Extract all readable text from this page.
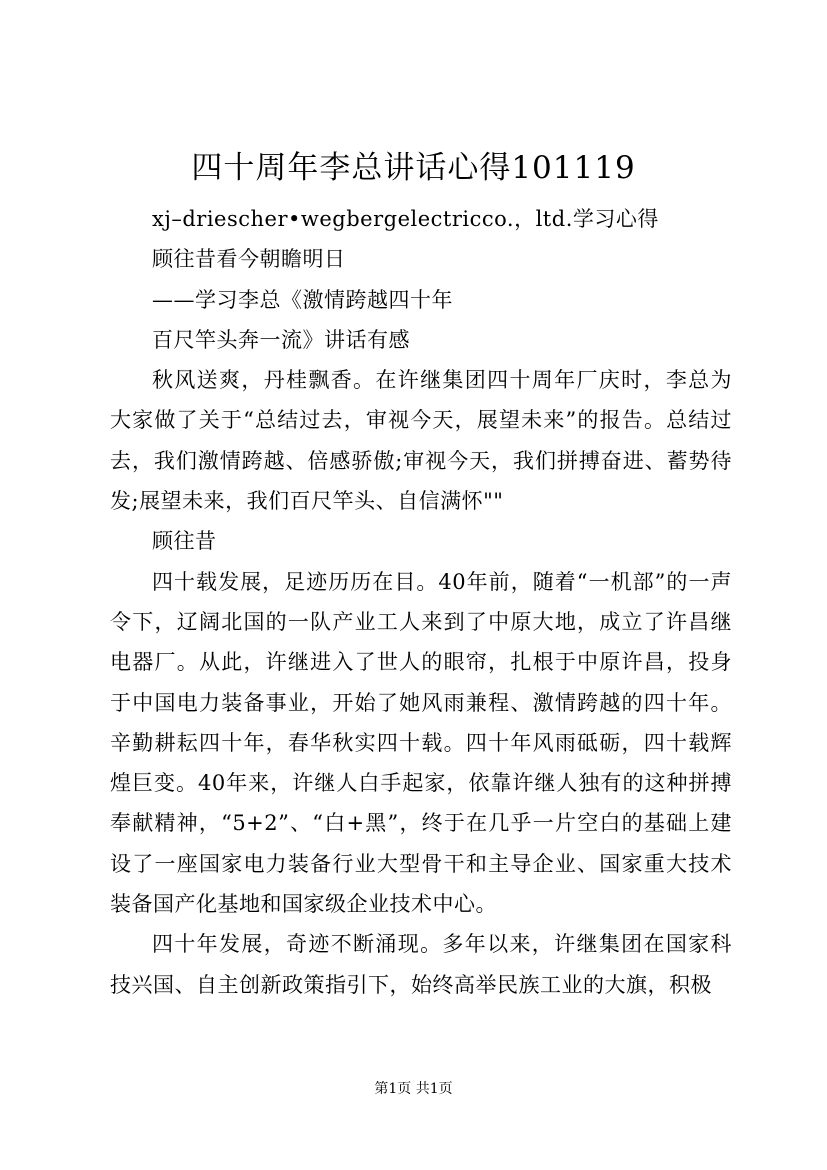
四十周年李总讲话心得101119
xj–driescher•wegbergelectricco.，ltd.学习心得
顾往昔看今朝瞻明日
——学习李总《激情跨越四十年
百尺竿头奔一流》讲话有感

秋风送爽，丹桂飘香。在许继集团四十周年厂庆时，李总为大家做了关于“总结过去，审视今天，展望未来”的报告。总结过去，我们激情跨越、倍感骄傲;审视今天，我们拼搏奋进、蓄势待发;展望未来，我们百尺竿头、自信满怀""

顾往昔

四十载发展，足迹历历在目。40年前，随着“一机部”的一声令下，辽阔北国的一队产业工人来到了中原大地，成立了许昌继电器厂。从此，许继进入了世人的眼帘，扎根于中原许昌，投身于中国电力装备事业，开始了她风雨兼程、激情跨越的四十年。辛勤耕耘四十年，春华秋实四十载。四十年风雨砥砺，四十载辉煌巨变。40年来，许继人白手起家，依靠许继人独有的这种拼搏奉献精神，“5+2”、“白+黑”，终于在几乎一片空白的基础上建设了一座国家电力装备行业大型骨干和主导企业、国家重大技术装备国产化基地和国家级企业技术中心。

四十年发展，奇迹不断涌现。多年以来，许继集团在国家科技兴国、自主创新政策指引下，始终高举民族工业的大旗，积极

第1页 共1页
